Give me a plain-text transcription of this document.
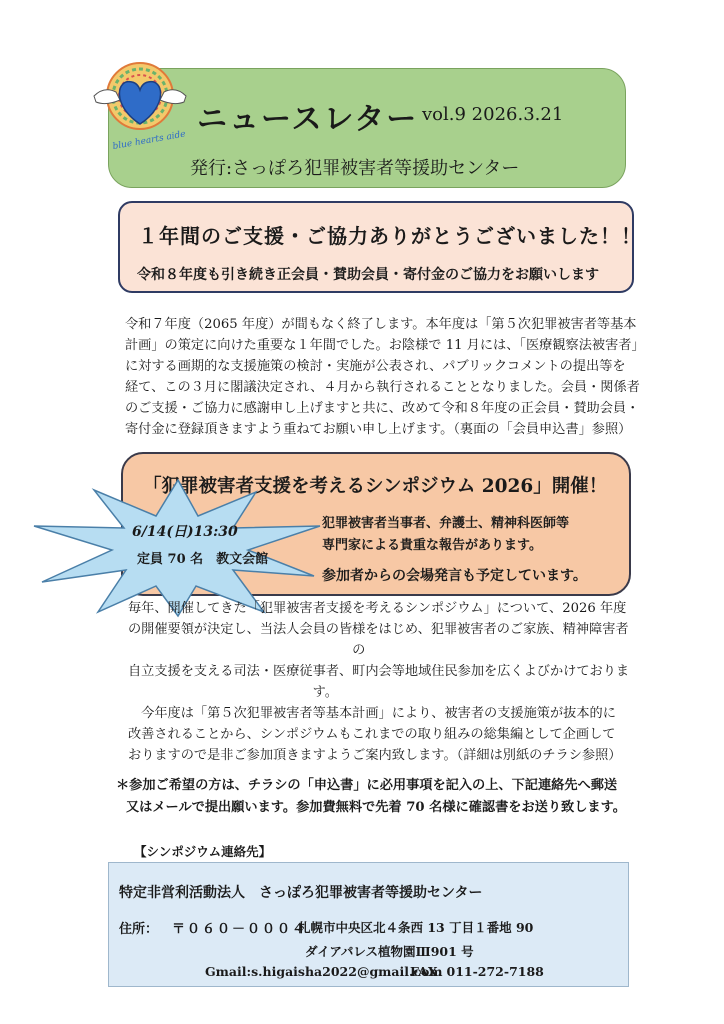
blue hearts aide
ニュースレター vol.9 2026.3.21
発行:さっぽろ犯罪被害者等援助センター
１年間のご支援・ご協力ありがとうございました！！
令和８年度も引き続き正会員・賛助会員・寄付金のご協力をお願いします
令和７年度（2065 年度）が間もなく終了します。本年度は「第５次犯罪被害者等基本
計画」の策定に向けた重要な１年間でした。お陰様で 11 月には、「医療観察法被害者」
に対する画期的な支援施策の検討・実施が公表され、パブリックコメントの提出等を
経て、この３月に閣議決定され、４月から執行されることとなりました。会員・関係者
のご支援・ご協力に感謝申し上げますと共に、改めて令和８年度の正会員・賛助会員・
寄付金に登録頂きますよう重ねてお願い申し上げます。（裏面の「会員申込書」参照）
「犯罪被害者支援を考えるシンポジウム 2026」開催！
犯罪被害者当事者、弁護士、精神科医師等
専門家による貴重な報告があります。
参加者からの会場発言も予定しています。
6/14(日)13:30
定員 70 名　教文会館
毎年、開催してきた「犯罪被害者支援を考えるシンポジウム」について、2026 年度
の開催要領が決定し、当法人会員の皆様をはじめ、犯罪被害者のご家族、精神障害者
　　　　　　　　　　　　　　　　　の
自立支援を支える司法・医療従事者、町内会等地域住民参加を広くよびかけておりま
　　　　　　　　　　　　　　す。
　今年度は「第５次犯罪被害者等基本計画」により、被害者の支援施策が抜本的に
改善されることから、シンポジウムもこれまでの取り組みの総集編として企画して
おりますので是非ご参加頂きますようご案内致します。（詳細は別紙のチラシ参照）
＊参加ご希望の方は、チラシの「申込書」に必用事項を記入の上、下記連絡先へ郵送
又はメールで提出願います。参加費無料で先着 70 名様に確認書をお送り致します。
【シンポジウム連絡先】
特定非営利活動法人　さっぽろ犯罪被害者等援助センター
住所： 〒０６０－０００４
札幌市中央区北４条西 13 丁目１番地 90
ダイアパレス植物園Ⅲ901 号
Gmail:s.higaisha2022@gmail.com
FAX: 011-272-7188
